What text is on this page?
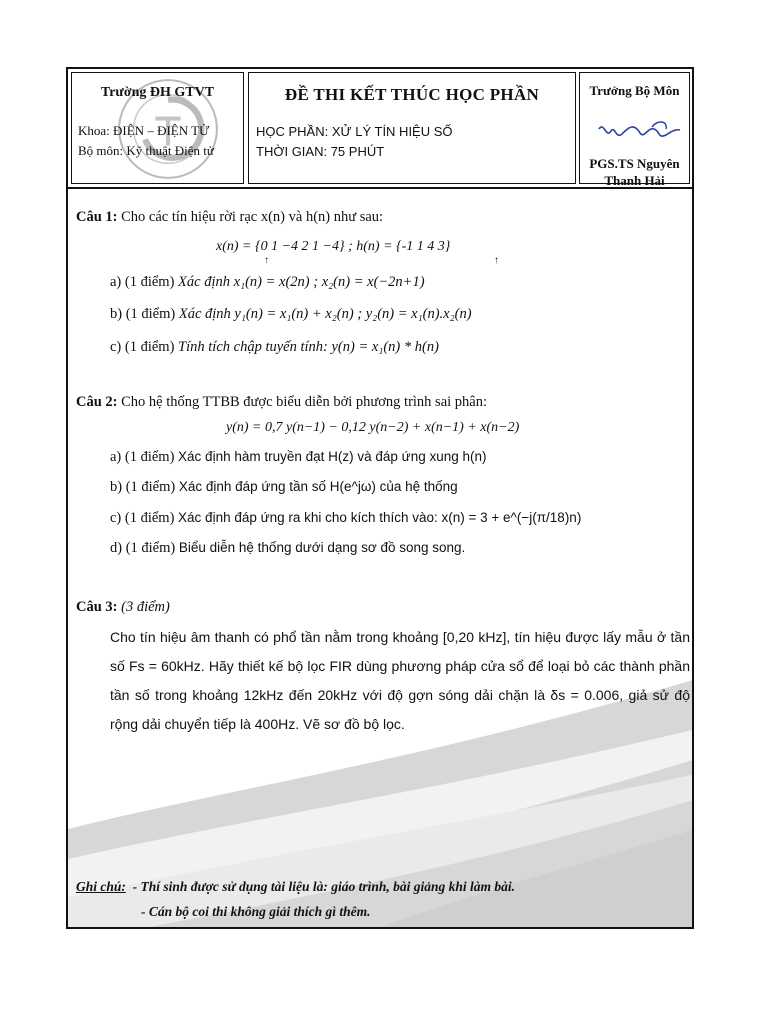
Trường ĐH GTVT
Khoa: ĐIỆN – ĐIỆN TỬ
Bộ môn: Kỹ thuật Điện tử
ĐỀ THI KẾT THÚC HỌC PHẦN
HỌC PHẦN: XỬ LÝ TÍN HIỆU SỐ
THỜI GIAN: 75 PHÚT
Trưởng Bộ Môn
PGS.TS Nguyên
Thanh Hải
Câu 1: Cho các tín hiệu rời rạc x(n) và h(n) như sau:
x(n) = {0 1 −4 2 1 −4} ; h(n) = {-1 1 4 3}
↑	↑
a) (1 điểm) Xác định x₁(n) = x(2n) ; x₂(n) = x(−2n+1)
b) (1 điểm) Xác định y₁(n) = x₁(n) + x₂(n) ; y₂(n) = x₁(n).x₂(n)
c) (1 điểm) Tính tích chập tuyến tính: y(n) = x₁(n) * h(n)
Câu 2: Cho hệ thống TTBB được biểu diễn bởi phương trình sai phân:
y(n) = 0,7 y(n−1) − 0,12 y(n−2) + x(n−1) + x(n−2)
a) (1 điểm) Xác định hàm truyền đạt H(z) và đáp ứng xung h(n)
b) (1 điểm) Xác định đáp ứng tần số H(e^jω) của hệ thống
c) (1 điểm) Xác định đáp ứng ra khi cho kích thích vào: x(n) = 3 + e^(−j(π/18)n)
d) (1 điểm) Biểu diễn hệ thống dưới dạng sơ đồ song song.
Câu 3: (3 điểm)
Cho tín hiệu âm thanh có phổ tần nằm trong khoảng [0,20 kHz], tín hiệu được lấy mẫu ở tần số Fs = 60kHz. Hãy thiết kế bộ lọc FIR dùng phương pháp cửa sổ để loại bỏ các thành phần tần số trong khoảng 12kHz đến 20kHz với độ gợn sóng dải chặn là δs = 0.006, giả sử độ rộng dải chuyển tiếp là 400Hz. Vẽ sơ đồ bộ lọc.
Ghi chú: - Thí sinh được sử dụng tài liệu là: giáo trình, bài giảng khi làm bài.
- Cán bộ coi thi không giải thích gì thêm.
